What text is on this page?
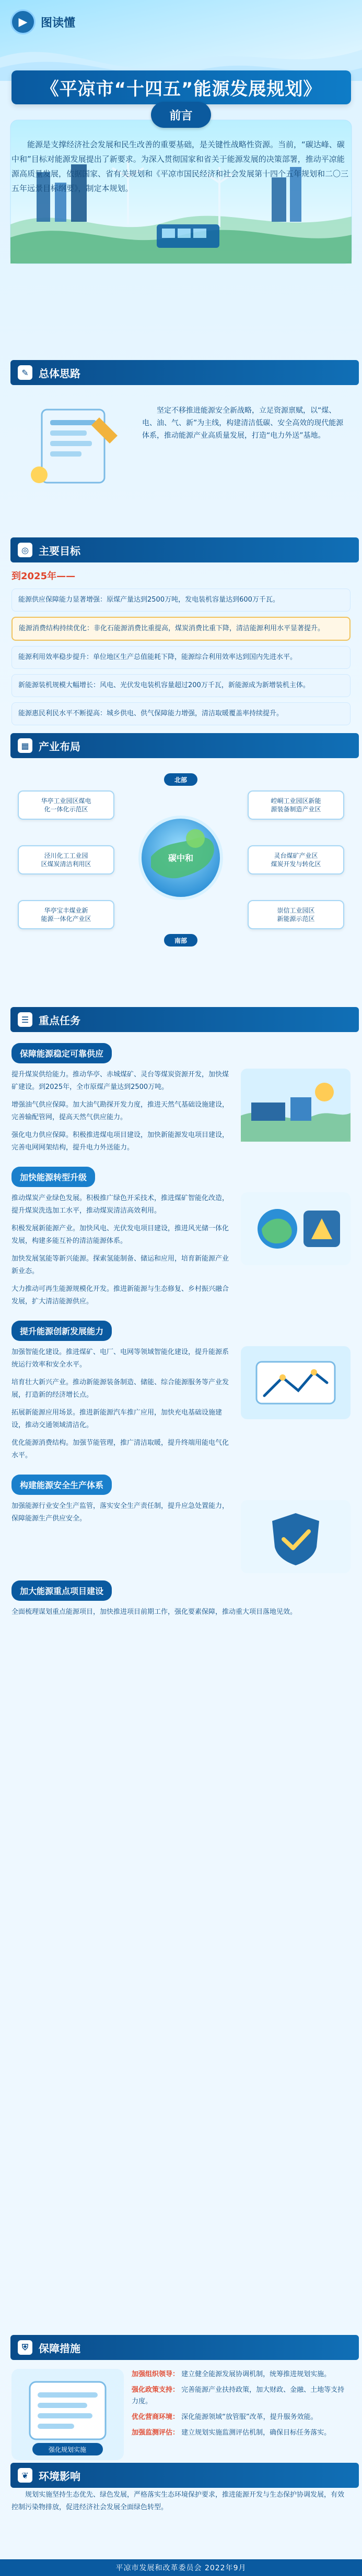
▶	图读懂
《平凉市“十四五”能源发展规划》
前言

能源是支撑经济社会发展和民生改善的重要基础，是关键性战略性资源。当前，“碳达峰、碳中和”目标对能源发展提出了新要求。为深入贯彻国家和省关于能源发展的决策部署，推动平凉能源高质量发展，依据国家、省有关规划和《平凉市国民经济和社会发展第十四个五年规划和二〇三五年远景目标纲要》，制定本规划。

✎ 总体思路
坚定不移推进能源安全新战略，立足资源禀赋，以“煤、电、油、气、新”为主线，构建清洁低碳、安全高效的现代能源体系，推动能源产业高质量发展，打造“电力外送”基地。
◎ 主要目标
到2025年——
能源供应保障能力显著增强：原煤产量达到2500万吨，发电装机容量达到600万千瓦。
能源消费结构持续优化：非化石能源消费比重提高，煤炭消费比重下降，清洁能源利用水平显著提升。
能源利用效率稳步提升：单位地区生产总值能耗下降，能源综合利用效率达到国内先进水平。
新能源装机规模大幅增长：风电、光伏发电装机容量超过200万千瓦，新能源成为新增装机主体。
能源惠民利民水平不断提高：城乡供电、供气保障能力增强，清洁取暖覆盖率持续提升。
▦ 产业布局
北部
南部
华亭工业园区煤电
化一体化示范区
崆峒工业园区新能
源装备制造产业区
泾川化工工业园
区煤炭清洁利用区
灵台煤矿产业区
煤炭开发与转化区
华亭宝丰煤业新
能源一体化产业区
崇信工业园区
新能源示范区
碳中和
☰ 重点任务
保障能源稳定可靠供应

提升煤炭供给能力。推动华亭、赤城煤矿、灵台等煤炭资源开发，加快煤矿建设。到2025年，全市原煤产量达到2500万吨。

增强油气供应保障。加大油气勘探开发力度，推进天然气基础设施建设，完善输配管网，提高天然气供应能力。

强化电力供应保障。积极推进煤电项目建设，加快新能源发电项目建设，完善电网网架结构，提升电力外送能力。

加快能源转型升级

推动煤炭产业绿色发展。积极推广绿色开采技术，推进煤矿智能化改造，提升煤炭洗选加工水平，推动煤炭清洁高效利用。

积极发展新能源产业。加快风电、光伏发电项目建设，推进风光储一体化发展，构建多能互补的清洁能源体系。

加快发展氢能等新兴能源。探索氢能制备、储运和应用，培育新能源产业新业态。

大力推动可再生能源规模化开发。推进新能源与生态修复、乡村振兴融合发展，扩大清洁能源供应。

提升能源创新发展能力

加强智能化建设。推进煤矿、电厂、电网等领域智能化建设，提升能源系统运行效率和安全水平。

培育壮大新兴产业。推动新能源装备制造、储能、综合能源服务等产业发展，打造新的经济增长点。

拓展新能源应用场景。推进新能源汽车推广应用，加快充电基础设施建设，推动交通领域清洁化。

优化能源消费结构。加强节能管理，推广清洁取暖，提升终端用能电气化水平。

构建能源安全生产体系

加强能源行业安全生产监管，落实安全生产责任制，提升应急处置能力，保障能源生产供应安全。

加大能源重点项目建设

全面梳理谋划重点能源项目，加快推进项目前期工作，强化要素保障，推动重大项目落地见效。

⛨	保障措施
强化规划实施
加强组织领导： 建立健全能源发展协调机制，统筹推进规划实施。
强化政策支持： 完善能源产业扶持政策，加大财政、金融、土地等支持力度。
优化营商环境： 深化能源领域“放管服”改革，提升服务效能。
加强监测评估： 建立规划实施监测评估机制，确保目标任务落实。
❦ 环境影响

规划实施坚持生态优先、绿色发展，严格落实生态环境保护要求，推进能源开发与生态保护协调发展，有效控制污染物排放，促进经济社会发展全面绿色转型。

平凉市发展和改革委员会 2022年9月
